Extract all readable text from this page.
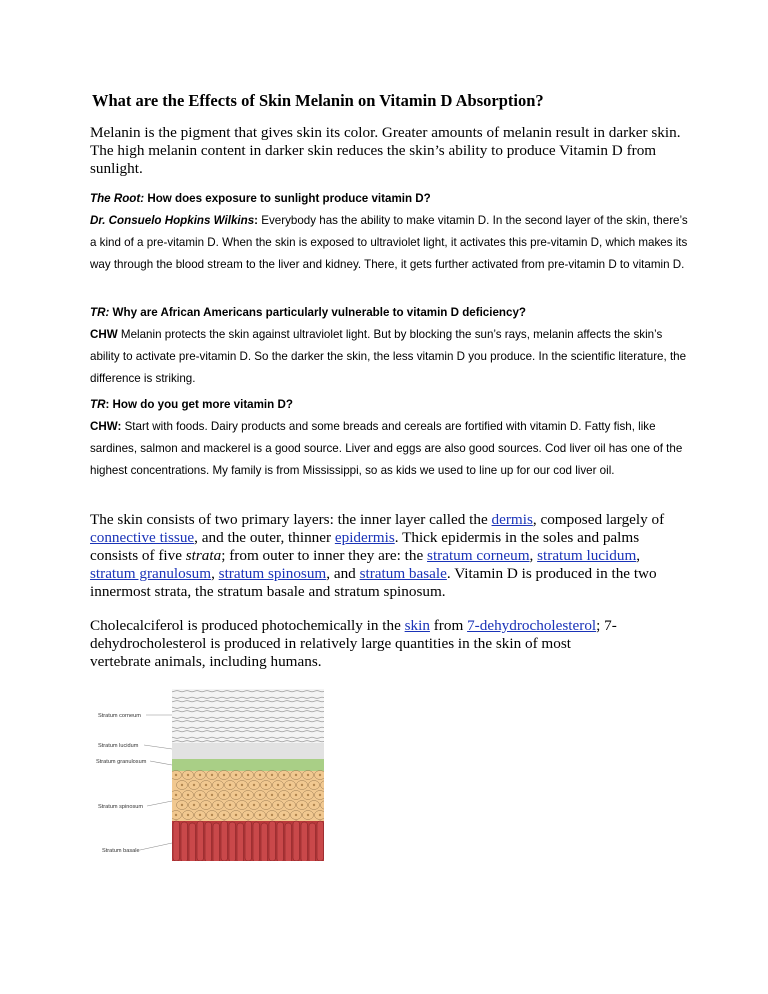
What are the Effects of Skin Melanin on Vitamin D Absorption?
Melanin is the pigment that gives skin its color. Greater amounts of melanin result in darker skin. The high melanin content in darker skin reduces the skin’s ability to produce Vitamin D from sunlight.
The Root: How does exposure to sunlight produce vitamin D?
Dr. Consuelo Hopkins Wilkins: Everybody has the ability to make vitamin D. In the second layer of the skin, there’s a kind of a pre-vitamin D. When the skin is exposed to ultraviolet light, it activates this pre-vitamin D, which makes its way through the blood stream to the liver and kidney. There, it gets further activated from pre-vitamin D to vitamin D.
TR: Why are African Americans particularly vulnerable to vitamin D deficiency?
CHW Melanin protects the skin against ultraviolet light. But by blocking the sun’s rays, melanin affects the skin’s ability to activate pre-vitamin D. So the darker the skin, the less vitamin D you produce. In the scientific literature, the difference is striking.
TR: How do you get more vitamin D?
CHW: Start with foods. Dairy products and some breads and cereals are fortified with vitamin D. Fatty fish, like sardines, salmon and mackerel is a good source. Liver and eggs are also good sources. Cod liver oil has one of the highest concentrations. My family is from Mississippi, so as kids we used to line up for our cod liver oil.
The skin consists of two primary layers: the inner layer called the dermis, composed largely of connective tissue, and the outer, thinner epidermis. Thick epidermis in the soles and palms consists of five strata; from outer to inner they are: the stratum corneum, stratum lucidum, stratum granulosum, stratum spinosum, and stratum basale. Vitamin D is produced in the two innermost strata, the stratum basale and stratum spinosum.
Cholecalciferol is produced photochemically in the skin from 7-dehydrocholesterol; 7-dehydrocholesterol is produced in relatively large quantities in the skin of most vertebrate animals, including humans.
Stratum corneum
Stratum lucidum
Stratum granulosum
Stratum spinosum
Stratum basale
